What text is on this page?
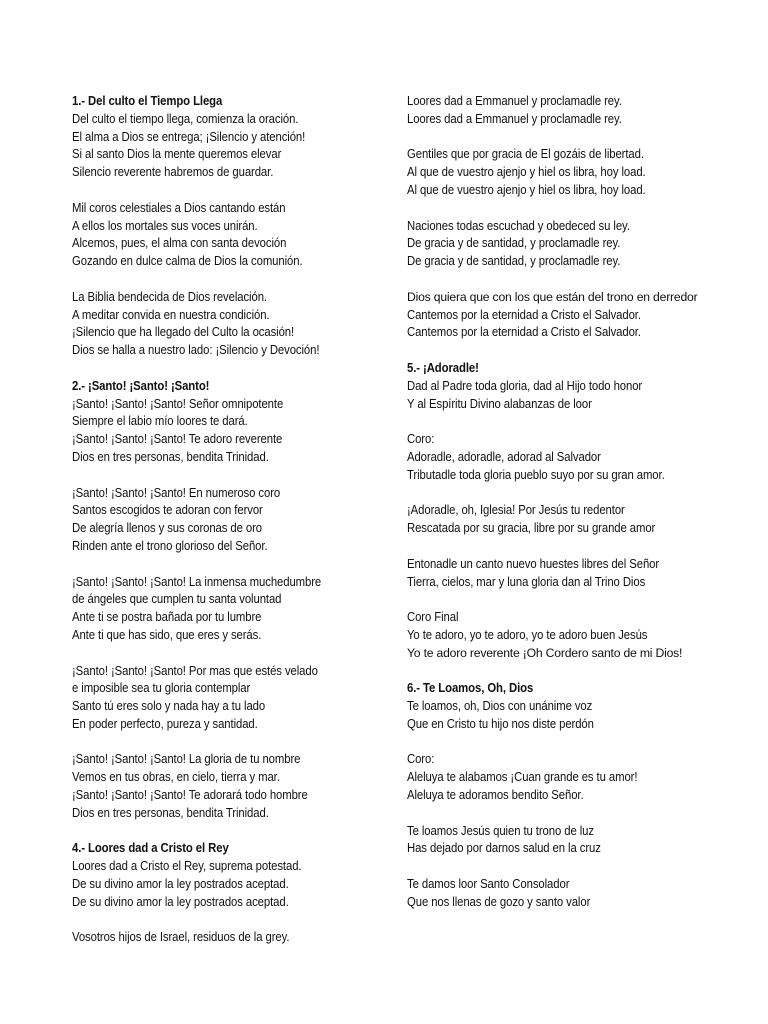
1.- Del culto el Tiempo Llega
Del culto el tiempo llega, comienza la oración.
El alma a Dios se entrega; ¡Silencio y atención!
Si al santo Dios la mente queremos elevar
Silencio reverente habremos de guardar.
Mil coros celestiales a Dios cantando están
A ellos los mortales sus voces unirán.
Alcemos, pues, el alma con santa devoción
Gozando en dulce calma de Dios la comunión.
La Biblia bendecida de Dios revelación.
A meditar convida en nuestra condición.
¡Silencio que ha llegado del Culto la ocasión!
Dios se halla a nuestro lado: ¡Silencio y Devoción!
2.- ¡Santo! ¡Santo! ¡Santo!
¡Santo! ¡Santo! ¡Santo! Señor omnipotente
Siempre el labio mío loores te dará.
¡Santo! ¡Santo! ¡Santo! Te adoro reverente
Dios en tres personas, bendita Trinidad.
¡Santo! ¡Santo! ¡Santo! En numeroso coro
Santos escogidos te adoran con fervor
De alegría llenos y sus coronas de oro
Rinden ante el trono glorioso del Señor.
¡Santo! ¡Santo! ¡Santo! La inmensa muchedumbre
de ángeles que cumplen tu santa voluntad
Ante ti se postra bañada por tu lumbre
Ante ti que has sido, que eres y serás.
¡Santo! ¡Santo! ¡Santo! Por mas que estés velado
e imposible sea tu gloria contemplar
Santo tú eres solo y nada hay a tu lado
En poder perfecto, pureza y santidad.
¡Santo! ¡Santo! ¡Santo! La gloria de tu nombre
Vemos en tus obras, en cielo, tierra y mar.
¡Santo! ¡Santo! ¡Santo! Te adorará todo hombre
Dios en tres personas, bendita Trinidad.
4.- Loores dad a Cristo el Rey
Loores dad a Cristo el Rey, suprema potestad.
De su divino amor la ley postrados aceptad.
De su divino amor la ley postrados aceptad.
Vosotros hijos de Israel, residuos de la grey.
Loores dad a Emmanuel y proclamadle rey.
Loores dad a Emmanuel y proclamadle rey.
Gentiles que por gracia de El gozáis de libertad.
Al que de vuestro ajenjo y hiel os libra, hoy load.
Al que de vuestro ajenjo y hiel os libra, hoy load.
Naciones todas escuchad y obedeced su ley.
De gracia y de santidad, y proclamadle rey.
De gracia y de santidad, y proclamadle rey.
Dios quiera que con los que están del trono en derredor
Cantemos por la eternidad a Cristo el Salvador.
Cantemos por la eternidad a Cristo el Salvador.
5.- ¡Adoradle!
Dad al Padre toda gloria, dad al Hijo todo honor
Y al Espíritu Divino alabanzas de loor
Coro:
Adoradle, adoradle, adorad al Salvador
Tributadle toda gloria pueblo suyo por su gran amor.
¡Adoradle, oh, Iglesia! Por Jesús tu redentor
Rescatada por su gracia, libre por su grande amor
Entonadle un canto nuevo huestes libres del Señor
Tierra, cielos, mar y luna gloria dan al Trino Dios
Coro Final
Yo te adoro, yo te adoro, yo te adoro buen Jesús
Yo te adoro reverente ¡Oh Cordero santo de mi Dios!
6.- Te Loamos, Oh, Dios
Te loamos, oh, Dios con unánime voz
Que en Cristo tu hijo nos diste perdón
Coro:
Aleluya te alabamos ¡Cuan grande es tu amor!
Aleluya te adoramos bendito Señor.
Te loamos Jesús quien tu trono de luz
Has dejado por darnos salud en la cruz
Te damos loor Santo Consolador
Que nos llenas de gozo y santo valor
